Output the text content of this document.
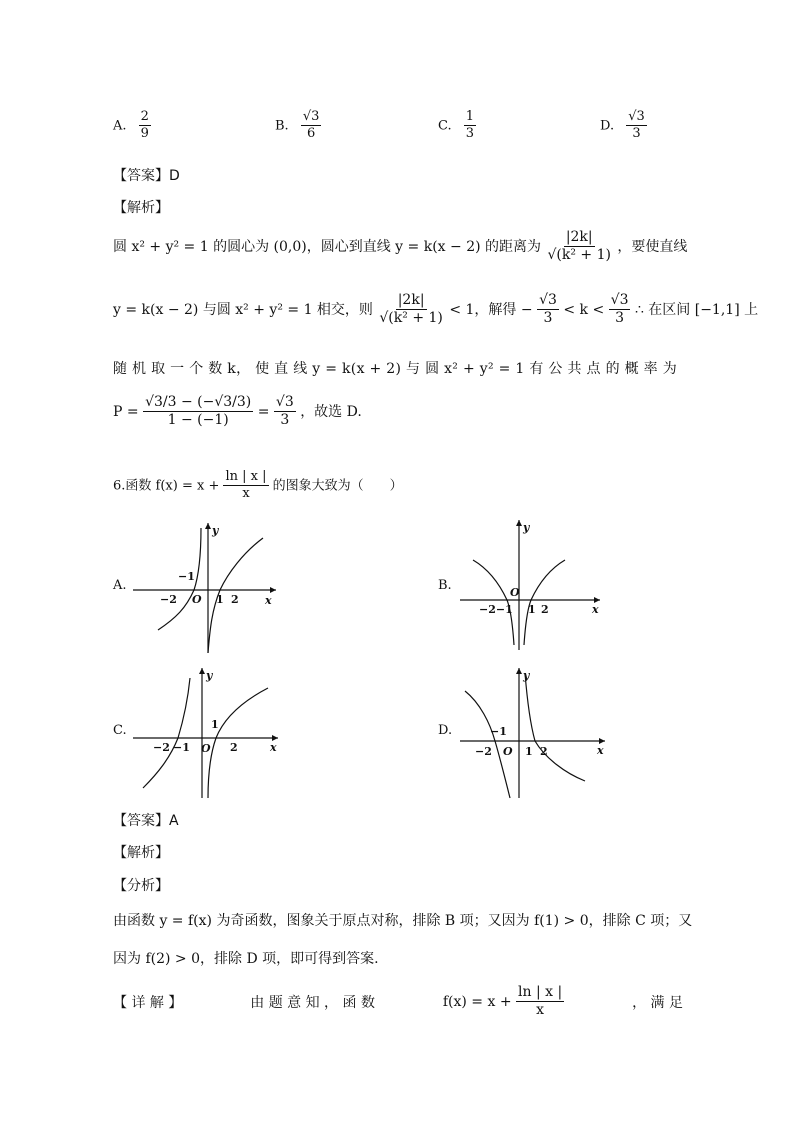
A. $\frac{2}{9}$	B. $\frac{√3}{6}$	C. $\frac{1}{3}$	D. $\frac{√3}{3}$
【答案】D
【解析】
圆 x² + y² = 1 的圆心为 (0,0)，圆心到直线 y = k(x − 2) 的距离为 $\frac{|2k|}{\text{√(k² + 1)}}$ ，要使直线
y = k(x − 2) 与圆 x² + y² = 1 相交，则 $\frac{|2k|}{\text{√(k² + 1)}} < 1$，解得 − $\frac{√3}{3} < k < \frac{√3}{3}$ ∴ 在区间 [−1,1] 上
随 机 取 一 个 数 k， 使 直 线 y = k(x + 2) 与 圆 x² + y² = 1 有 公 共 点 的 概 率 为
$P = \frac{√3/3 - (-√3/3)}{1 - (-1)} = \frac{√3}{3}$ ，故选 D.
6.函数 $f(x) = x + \frac{\ln | x |}{x}$ 的图象大致为（　　）
A.
y
x
O
−2
−1
1 2
B.
y
x
O
−2−1 1 2
C.
y
x
O
−2 −1
1
2
D.
y
x
O
−2
−1
1 2
【答案】A
【解析】
【分析】
由函数 y = f(x) 为奇函数，图象关于原点对称，排除 B 项；又因为 f(1) > 0，排除 C 项；又
因为 f(2) > 0，排除 D 项，即可得到答案.
【 详 解 】	由 题 意 知 ， 函 数	$f(x) = x + \frac{\ln | x |}{x}$	， 满 足
